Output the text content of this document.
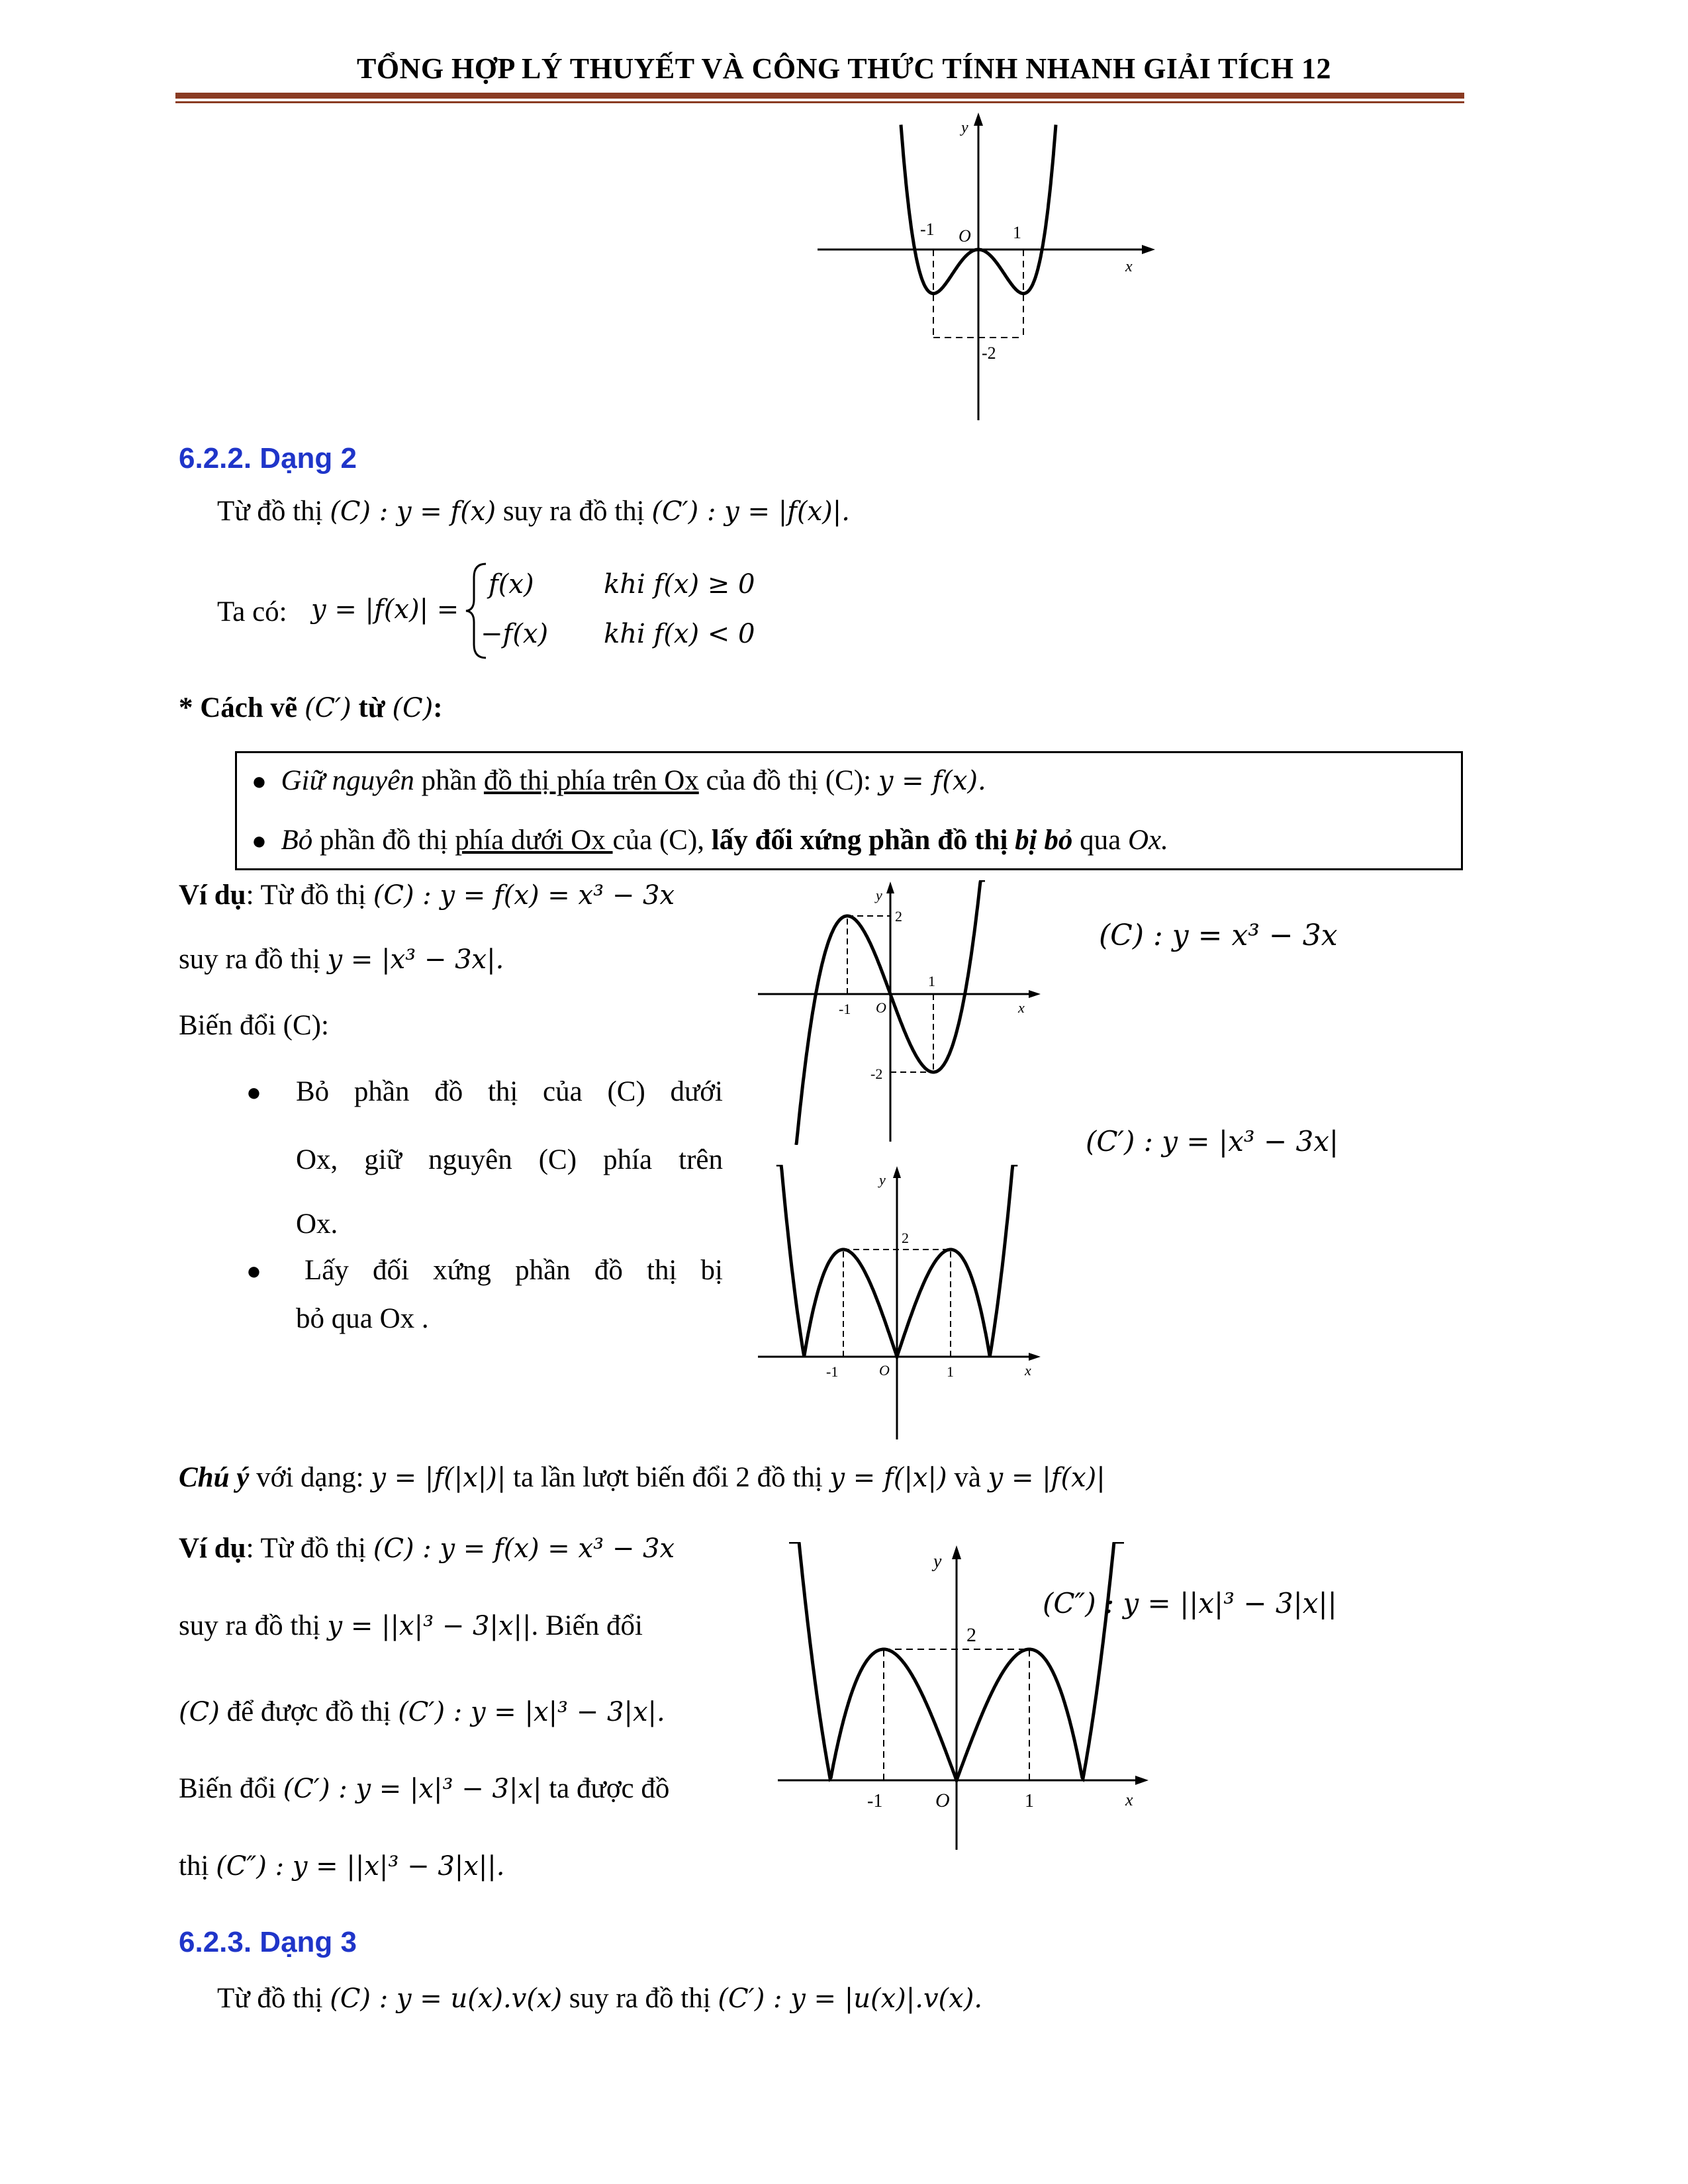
TỔNG HỢP LÝ THUYẾT VÀ CÔNG THỨC TÍNH NHANH GIẢI TÍCH 12
y
x
O
-1	1
-2
6.2.2. Dạng 2
Từ đồ thị (C) : y = f(x) suy ra đồ thị (C′) : y = |f(x)|.
Ta có: y = |f(x)| =
f(x)	khi f(x) ≥ 0
−f(x) khi f(x) < 0
* Cách vẽ (C′) từ (C):
● Giữ nguyên phần đồ thị phía trên Ox của đồ thị (C): y = f(x).
● Bỏ phần đồ thị phía dưới Ox của (C), lấy đối xứng phần đồ thị bị bỏ qua Ox.
Ví dụ: Từ đồ thị (C) : y = f(x) = x³ − 3x
suy ra đồ thị y = |x³ − 3x|.
Biến đổi (C):
● Bỏ phần đồ thị của (C) dưới
Ox, giữ nguyên (C) phía trên
Ox.
● Lấy đối xứng phần đồ thị bị
bỏ qua Ox .
y
x
O
-1
1
2
-2
(C) : y = x³ − 3x
(C′) : y = |x³ − 3x|
y
x
O
-1	1
2
Chú ý với dạng: y = |f(|x|)| ta lần lượt biến đổi 2 đồ thị y = f(|x|) và y = |f(x)|
Ví dụ: Từ đồ thị (C) : y = f(x) = x³ − 3x
suy ra đồ thị y = ||x|³ − 3|x||. Biến đổi
(C) để được đồ thị (C′) : y = |x|³ − 3|x|.
Biến đổi (C′) : y = |x|³ − 3|x| ta được đồ
thị (C″) : y = ||x|³ − 3|x||.
y
x
O
-1	1
2
(C″) : y = ||x|³ − 3|x||
6.2.3. Dạng 3
Từ đồ thị (C) : y = u(x).v(x) suy ra đồ thị (C′) : y = |u(x)|.v(x).
